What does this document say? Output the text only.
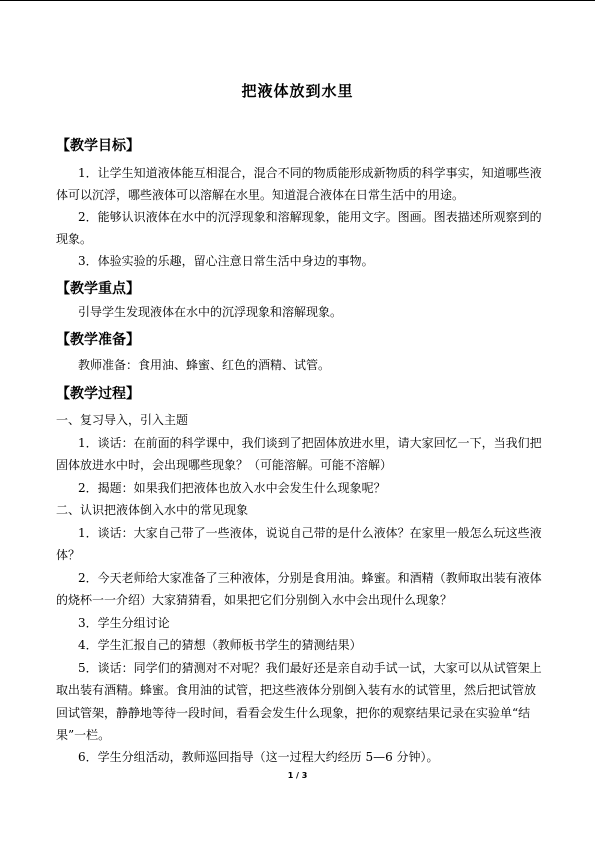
把液体放到水里
【教学目标】
1．让学生知道液体能互相混合，混合不同的物质能形成新物质的科学事实，知道哪些液
体可以沉浮，哪些液体可以溶解在水里。知道混合液体在日常生活中的用途。
2．能够认识液体在水中的沉浮现象和溶解现象，能用文字。图画。图表描述所观察到的
现象。
3．体验实验的乐趣，留心注意日常生活中身边的事物。
【教学重点】
引导学生发现液体在水中的沉浮现象和溶解现象。
【教学准备】
教师准备：食用油、蜂蜜、红色的酒精、试管。
【教学过程】
一、复习导入，引入主题
1．谈话：在前面的科学课中，我们谈到了把固体放进水里，请大家回忆一下，当我们把
固体放进水中时，会出现哪些现象？（可能溶解。可能不溶解）
2．揭题：如果我们把液体也放入水中会发生什么现象呢？
二、认识把液体倒入水中的常见现象
1．谈话：大家自己带了一些液体，说说自己带的是什么液体？在家里一般怎么玩这些液
体？
2．今天老师给大家准备了三种液体，分别是食用油。蜂蜜。和酒精（教师取出装有液体
的烧杯一一介绍）大家猜猜看，如果把它们分别倒入水中会出现什么现象？
3．学生分组讨论
4．学生汇报自己的猜想（教师板书学生的猜测结果）
5．谈话：同学们的猜测对不对呢？我们最好还是亲自动手试一试，大家可以从试管架上
取出装有酒精。蜂蜜。食用油的试管，把这些液体分别倒入装有水的试管里，然后把试管放
回试管架，静静地等待一段时间，看看会发生什么现象，把你的观察结果记录在实验单“结
果”一栏。
6．学生分组活动，教师巡回指导（这一过程大约经历 5—6 分钟）。
1 / 3
